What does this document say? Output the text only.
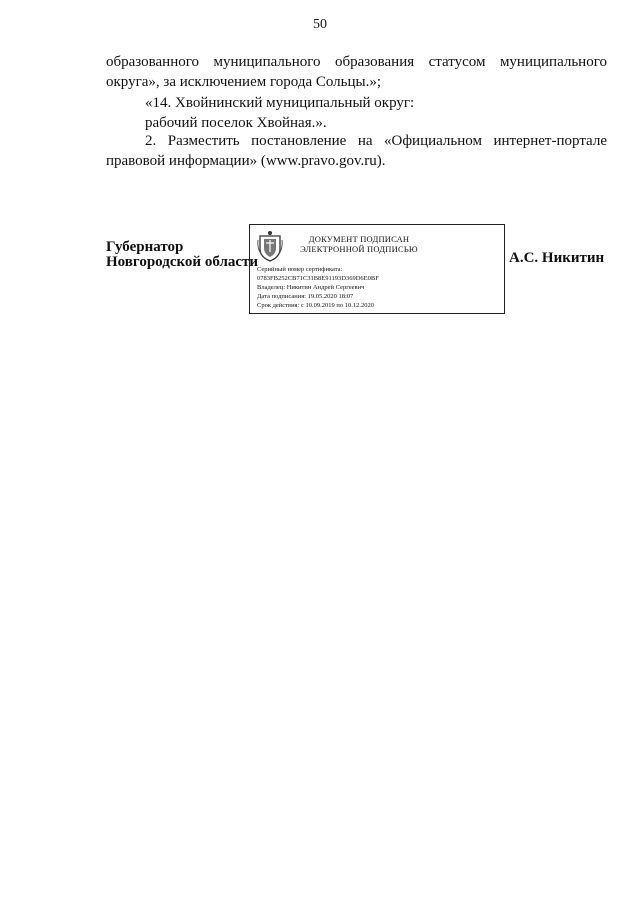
50
образованного муниципального образования статусом муниципального
округа», за исключением города Сольцы.»;
«14. Хвойнинский муниципальный округ:
рабочий поселок Хвойная.».
2. Разместить постановление на «Официальном интернет-портале
правовой информации» (www.pravo.gov.ru).
Губернатор
Новгородской области
ДОКУМЕНТ ПОДПИСАН
ЭЛЕКТРОННОЙ ПОДПИСЬЮ
Серийный номер сертификата:
0783FB252CB71C31B8E91193D369D6E0BF
Владелец: Никитин Андрей Сергеевич
Дата подписания: 19.05.2020 18:07
Срок действия: с 10.09.2019 по 10.12.2020
А.С. Никитин
